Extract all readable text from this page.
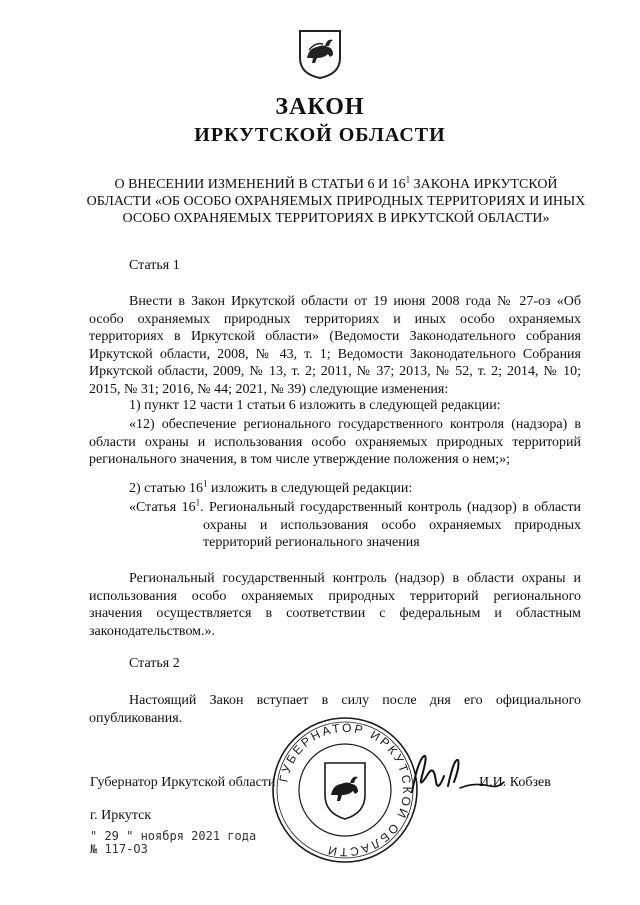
ЗАКОН
ИРКУТСКОЙ ОБЛАСТИ
О ВНЕСЕНИИ ИЗМЕНЕНИЙ В СТАТЬИ 6 И $16^1$ ЗАКОНА ИРКУТСКОЙ ОБЛАСТИ «ОБ ОСОБО ОХРАНЯЕМЫХ ПРИРОДНЫХ ТЕРРИТОРИЯХ И ИНЫХ ОСОБО ОХРАНЯЕМЫХ ТЕРРИТОРИЯХ В ИРКУТСКОЙ ОБЛАСТИ»
Статья 1
Внести в Закон Иркутской области от 19 июня 2008 года № 27-оз «Об особо охраняемых природных территориях и иных особо охраняемых территориях в Иркутской области» (Ведомости Законодательного собрания Иркутской области, 2008, № 43, т. 1; Ведомости Законодательного Собрания Иркутской области, 2009, № 13, т. 2; 2011, № 37; 2013, № 52, т. 2; 2014, № 10; 2015, № 31; 2016, № 44; 2021, № 39) следующие изменения:
1) пункт 12 части 1 статьи 6 изложить в следующей редакции:
«12) обеспечение регионального государственного контроля (надзора) в области охраны и использования особо охраняемых природных территорий регионального значения, в том числе утверждение положения о нем;»;
2) статью $16^1$ изложить в следующей редакции:
«Статья $16^1$. Региональный государственный контроль (надзор) в области охраны и использования особо охраняемых природных территорий регионального значения
Региональный государственный контроль (надзор) в области охраны и использования особо охраняемых природных территорий регионального значения осуществляется в соответствии с федеральным и областным законодательством.».
Статья 2
Настоящий Закон вступает в силу после дня его официального опубликования.
Губернатор Иркутской области ГУБЕРНАТОР ИРКУТСКОЙ ОБЛАСТИ
И.И. Кобзев
г. Иркутск
" 29 " ноября 2021 года
№ 117-ОЗ
